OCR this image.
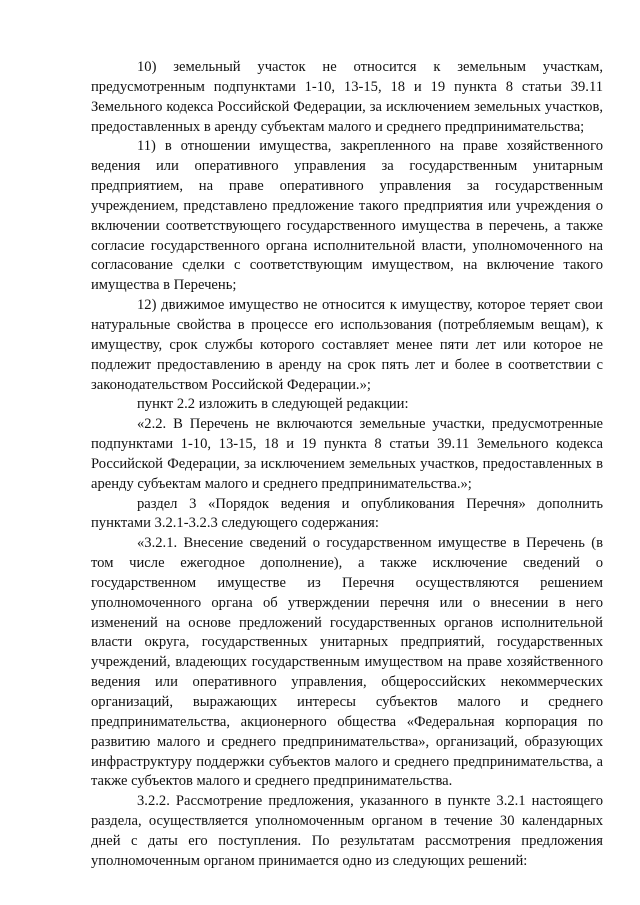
10) земельный участок не относится к земельным участкам, предусмотренным подпунктами 1-10, 13-15, 18 и 19 пункта 8 статьи 39.11 Земельного кодекса Российской Федерации, за исключением земельных участков, предоставленных в аренду субъектам малого и среднего предпринимательства;

11) в отношении имущества, закрепленного на праве хозяйственного ведения или оперативного управления за государственным унитарным предприятием, на праве оперативного управления за государственным учреждением, представлено предложение такого предприятия или учреждения о включении соответствующего государственного имущества в перечень, а также согласие государственного органа исполнительной власти, уполномоченного на согласование сделки с соответствующим имуществом, на включение такого имущества в Перечень;

12) движимое имущество не относится к имуществу, которое теряет свои натуральные свойства в процессе его использования (потребляемым вещам), к имуществу, срок службы которого составляет менее пяти лет или которое не подлежит предоставлению в аренду на срок пять лет и более в соответствии с законодательством Российской Федерации.»;

пункт 2.2 изложить в следующей редакции:

«2.2. В Перечень не включаются земельные участки, предусмотренные подпунктами 1-10, 13-15, 18 и 19 пункта 8 статьи 39.11 Земельного кодекса Российской Федерации, за исключением земельных участков, предоставленных в аренду субъектам малого и среднего предпринимательства.»;

раздел 3 «Порядок ведения и опубликования Перечня» дополнить пунктами 3.2.1-3.2.3 следующего содержания:

«3.2.1. Внесение сведений о государственном имуществе в Перечень (в том числе ежегодное дополнение), а также исключение сведений о государственном имуществе из Перечня осуществляются решением уполномоченного органа об утверждении перечня или о внесении в него изменений на основе предложений государственных органов исполнительной власти округа, государственных унитарных предприятий, государственных учреждений, владеющих государственным имуществом на праве хозяйственного ведения или оперативного управления, общероссийских некоммерческих организаций, выражающих интересы субъектов малого и среднего предпринимательства, акционерного общества «Федеральная корпорация по развитию малого и среднего предпринимательства», организаций, образующих инфраструктуру поддержки субъектов малого и среднего предпринимательства, а также субъектов малого и среднего предпринимательства.

3.2.2. Рассмотрение предложения, указанного в пункте 3.2.1 настоящего раздела, осуществляется уполномоченным органом в течение 30 календарных дней с даты его поступления. По результатам рассмотрения предложения уполномоченным органом принимается одно из следующих решений:
